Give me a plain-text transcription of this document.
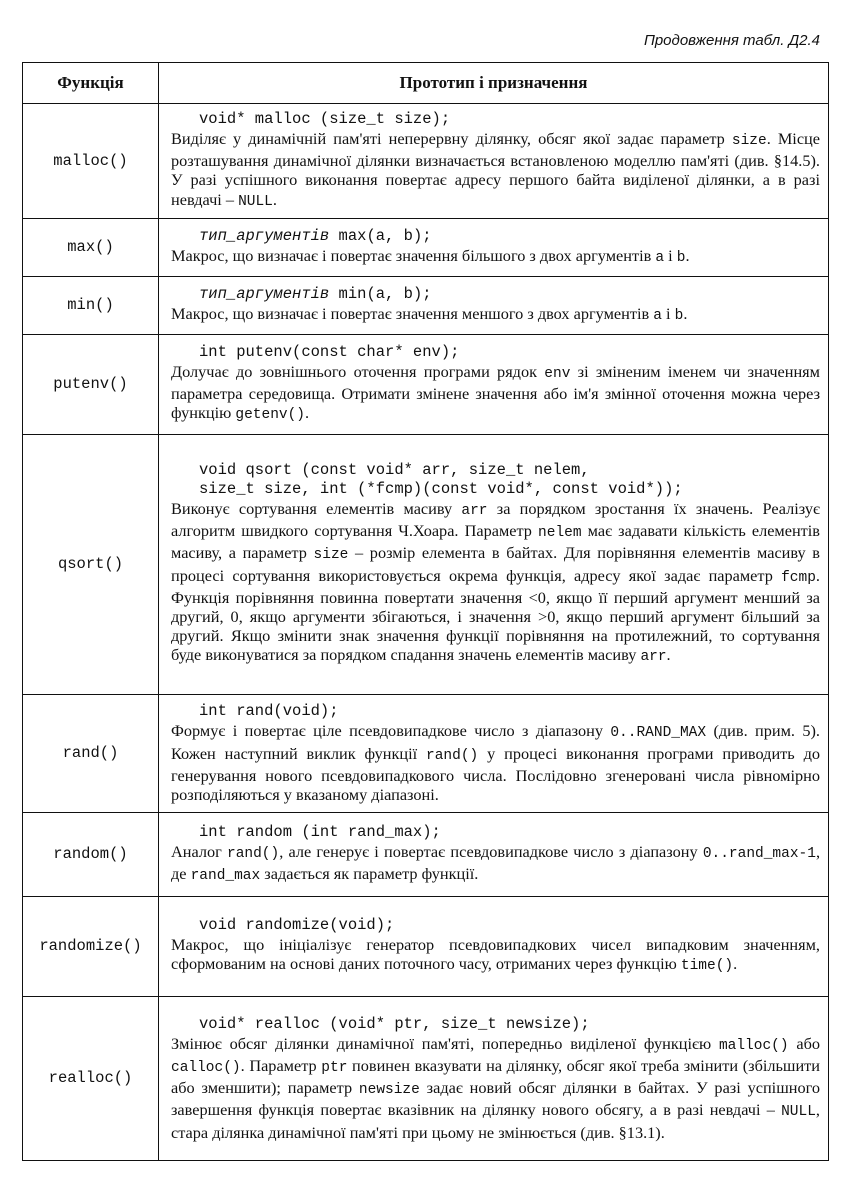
Продовження табл. Д2.4
Функція	Прототип і призначення
malloc()	void* malloc (size_t size);
Виділяє у динамічній пам'яті неперервну ділянку, обсяг якої задає параметр size. Місце розташування динамічної ділянки визначається встановленою моделлю пам'яті (див. §14.5). У разі успішного виконання повертає адресу першого байта виділеної ділянки, а в разі невдачі – NULL.

max()	тип_аргументів max(a, b);
Макрос, що визначає і повертає значення більшого з двох аргументів a і b.

min()	тип_аргументів min(a, b);
Макрос, що визначає і повертає значення меншого з двох аргументів a і b.

putenv()	int putenv(const char* env);
Долучає до зовнішнього оточення програми рядок env зі зміненим іменем чи значенням параметра середовища. Отримати змінене значення або ім'я змінної оточення можна через функцію getenv().

qsort()	void qsort (const void* arr, size_t nelem,
size_t size, int (*fcmp)(const void*, const void*));
Виконує сортування елементів масиву arr за порядком зростання їх значень. Реалізує алгоритм швидкого сортування Ч.Хоара. Параметр nelem має задавати кількість елементів масиву, а параметр size – розмір елемента в байтах. Для порівняння елементів масиву в процесі сортування використовується окрема функція, адресу якої задає параметр fcmp. Функція порівняння повинна повертати значення <0, якщо її перший аргумент менший за другий, 0, якщо аргументи збігаються, і значення >0, якщо перший аргумент більший за другий. Якщо змінити знак значення функції порівняння на протилежний, то сортування буде виконуватися за порядком спадання значень елементів масиву arr.

rand()	int rand(void);
Формує і повертає ціле псевдовипадкове число з діапазону 0..RAND_MAX (див. прим. 5). Кожен наступний виклик функції rand() у процесі виконання програми приводить до генерування нового псевдовипадкового числа. Послідовно згенеровані числа рівномірно розподіляються у вказаному діапазоні.

random()	int random (int rand_max);
Аналог rand(), але генерує і повертає псевдовипадкове число з діапазону 0..rand_max-1, де rand_max задається як параметр функції.

randomize()	void randomize(void);
Макрос, що ініціалізує генератор псевдовипадкових чисел випадковим значенням, сформованим на основі даних поточного часу, отриманих через функцію time().

realloc()	void* realloc (void* ptr, size_t newsize);
Змінює обсяг ділянки динамічної пам'яті, попередньо виділеної функцією malloc() або calloc(). Параметр ptr повинен вказувати на ділянку, обсяг якої треба змінити (збільшити або зменшити); параметр newsize задає новий обсяг ділянки в байтах. У разі успішного завершення функція повертає вказівник на ділянку нового обсягу, а в разі невдачі – NULL, стара ділянка динамічної пам'яті при цьому не змінюється (див. §13.1).
